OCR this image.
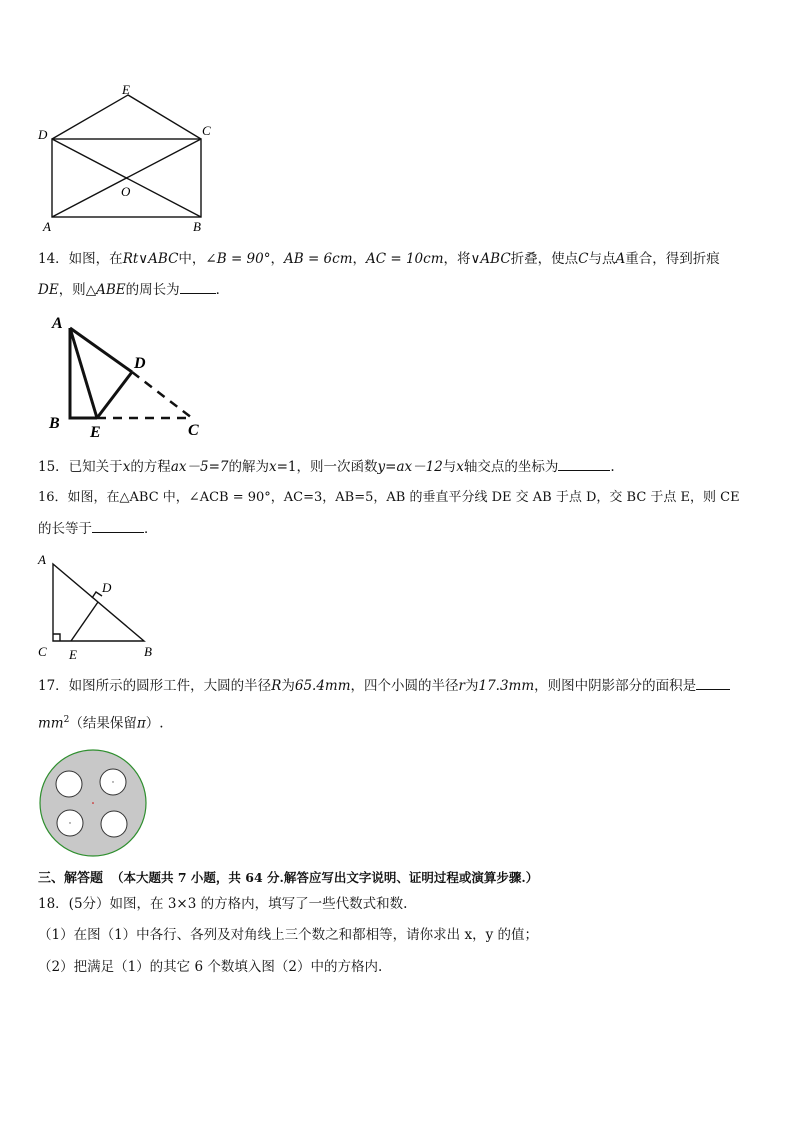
E
D	C
O
A	B
14．如图，在Rt∨ABC中，∠B = 90°，AB = 6cm，AC = 10cm，将∨ABC折叠，使点C与点A重合，得到折痕
DE，则△ABE的周长为	．
A
D
B
E	C
15．已知关于x的方程ax－5=7的解为x=1，则一次函数y=ax－12与x轴交点的坐标为	.
16．如图，在△ABC 中，∠ACB = 90°，AC=3，AB=5，AB 的垂直平分线 DE 交 AB 于点 D，交 BC 于点 E，则 CE
的长等于	．
A
D
C E	B
17．如图所示的圆形工件，大圆的半径R为65.4mm，四个小圆的半径r为17.3mm，则图中阴影部分的面积是
$mm^2$（结果保留π）.
三、解答题 （本大题共 7 小题，共 64 分.解答应写出文字说明、证明过程或演算步骤.）
18．(5分）如图，在 3×3 的方格内，填写了一些代数式和数.
（1）在图（1）中各行、各列及对角线上三个数之和都相等，请你求出 x，y 的值；
（2）把满足（1）的其它 6 个数填入图（2）中的方格内.
